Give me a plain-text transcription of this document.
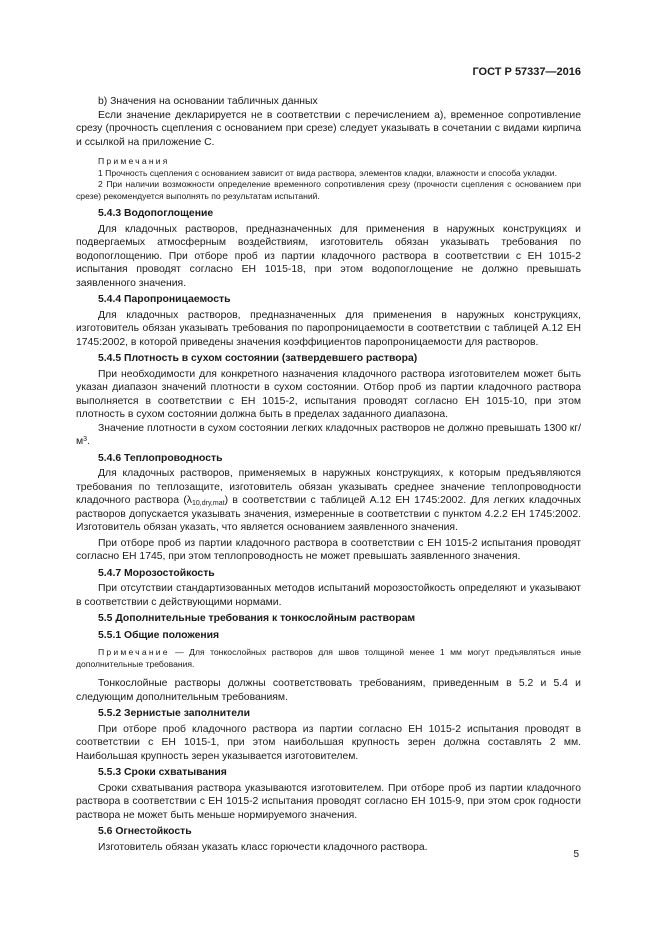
ГОСТ Р 57337—2016

b) Значения на основании табличных данных

Если значение декларируется не в соответствии с перечислением а), временное сопротивление срезу (прочность сцепления с основанием при срезе) следует указывать в сочетании с видами кирпича и ссылкой на приложение С.

Примечания

1 Прочность сцепления с основанием зависит от вида раствора, элементов кладки, влажности и способа укладки.

2 При наличии возможности определение временного сопротивления срезу (прочности сцепления с основанием при срезе) рекомендуется выполнять по результатам испытаний.

5.4.3 Водопоглощение

Для кладочных растворов, предназначенных для применения в наружных конструкциях и подвергаемых атмосферным воздействиям, изготовитель обязан указывать требования по водопоглощению. При отборе проб из партии кладочного раствора в соответствии с ЕН 1015-2 испытания проводят согласно ЕН 1015-18, при этом водопоглощение не должно превышать заявленного значения.

5.4.4 Паропроницаемость

Для кладочных растворов, предназначенных для применения в наружных конструкциях, изготовитель обязан указывать требования по паропроницаемости в соответствии с таблицей А.12 ЕН 1745:2002, в которой приведены значения коэффициентов паропроницаемости для растворов.

5.4.5 Плотность в сухом состоянии (затвердевшего раствора)

При необходимости для конкретного назначения кладочного раствора изготовителем может быть указан диапазон значений плотности в сухом состоянии. Отбор проб из партии кладочного раствора выполняется в соответствии с ЕН 1015-2, испытания проводят согласно ЕН 1015-10, при этом плотность в сухом состоянии должна быть в пределах заданного диапазона.

Значение плотности в сухом состоянии легких кладочных растворов не должно превышать 1300 $кг/м^3$.

5.4.6 Теплопроводность

Для кладочных растворов, применяемых в наружных конструкциях, к которым предъявляются требования по теплозащите, изготовитель обязан указывать среднее значение теплопроводности кладочного раствора $(\lambda_{10,dry,mat})$ в соответствии с таблицей А.12 ЕН 1745:2002. Для легких кладочных растворов допускается указывать значения, измеренные в соответствии с пунктом 4.2.2 ЕН 1745:2002. Изготовитель обязан указать, что является основанием заявленного значения.

При отборе проб из партии кладочного раствора в соответствии с ЕН 1015-2 испытания проводят согласно ЕН 1745, при этом теплопроводность не может превышать заявленного значения.

5.4.7 Морозостойкость

При отсутствии стандартизованных методов испытаний морозостойкость определяют и указывают в соответствии с действующими нормами.

5.5 Дополнительные требования к тонкослойным растворам

5.5.1 Общие положения

Примечание — Для тонкослойных растворов для швов толщиной менее 1 мм могут предъявляться иные дополнительные требования.

Тонкослойные растворы должны соответствовать требованиям, приведенным в 5.2 и 5.4 и следующим дополнительным требованиям.

5.5.2 Зернистые заполнители

При отборе проб кладочного раствора из партии согласно ЕН 1015-2 испытания проводят в соответствии с ЕН 1015-1, при этом наибольшая крупность зерен должна составлять 2 мм. Наибольшая крупность зерен указывается изготовителем.

5.5.3 Сроки схватывания

Сроки схватывания раствора указываются изготовителем. При отборе проб из партии кладочного раствора в соответствии с ЕН 1015-2 испытания проводят согласно ЕН 1015-9, при этом срок годности раствора не может быть меньше нормируемого значения.

5.6 Огнестойкость

Изготовитель обязан указать класс горючести кладочного раствора.

5
